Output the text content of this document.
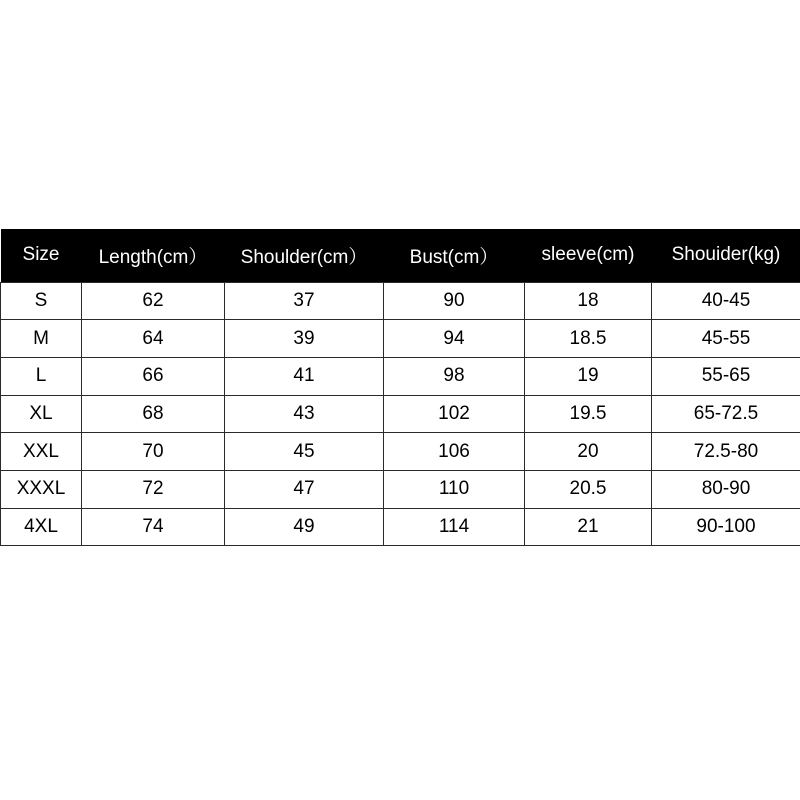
Size	Length(cm）	Shoulder(cm）	Bust(cm）	sleeve(cm)	Shouider(kg)
S	62	37	90	18	40-45
M	64	39	94	18.5	45-55
L	66	41	98	19	55-65
XL	68	43	102	19.5	65-72.5
XXL	70	45	106	20	72.5-80
XXXL	72	47	110	20.5	80-90
4XL	74	49	114	21	90-100
